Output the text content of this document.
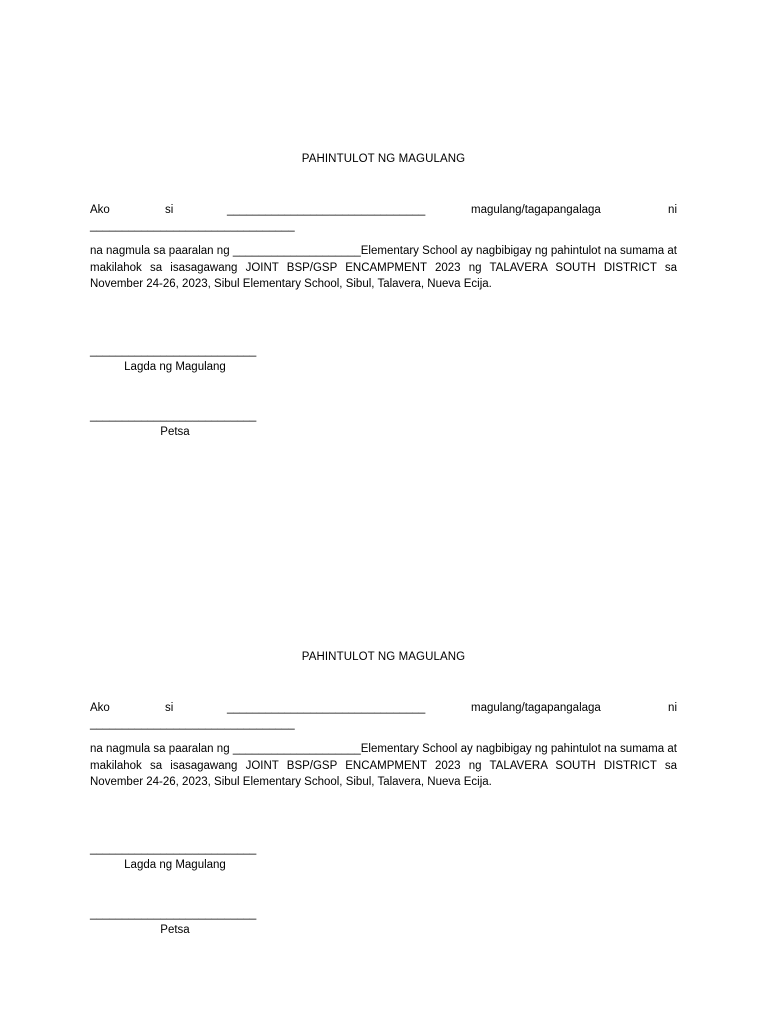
PAHINTULOT NG MAGULANG

Ako	si	_______________________________	magulang/tagapangalaga	ni
________________________________
na nagmula sa paaralan ng ____________________Elementary School ay nagbibigay ng pahintulot na sumama at makilahok sa isasagawang JOINT BSP/GSP ENCAMPMENT 2023 ng TALAVERA SOUTH DISTRICT sa November 24-26, 2023, Sibul Elementary School, Sibul, Talavera, Nueva Ecija.
__________________________
Lagda ng Magulang
__________________________
Petsa

PAHINTULOT NG MAGULANG

Ako	si	_______________________________	magulang/tagapangalaga	ni
________________________________
na nagmula sa paaralan ng ____________________Elementary School ay nagbibigay ng pahintulot na sumama at makilahok sa isasagawang JOINT BSP/GSP ENCAMPMENT 2023 ng TALAVERA SOUTH DISTRICT sa November 24-26, 2023, Sibul Elementary School, Sibul, Talavera, Nueva Ecija.
__________________________
Lagda ng Magulang
__________________________
Petsa
